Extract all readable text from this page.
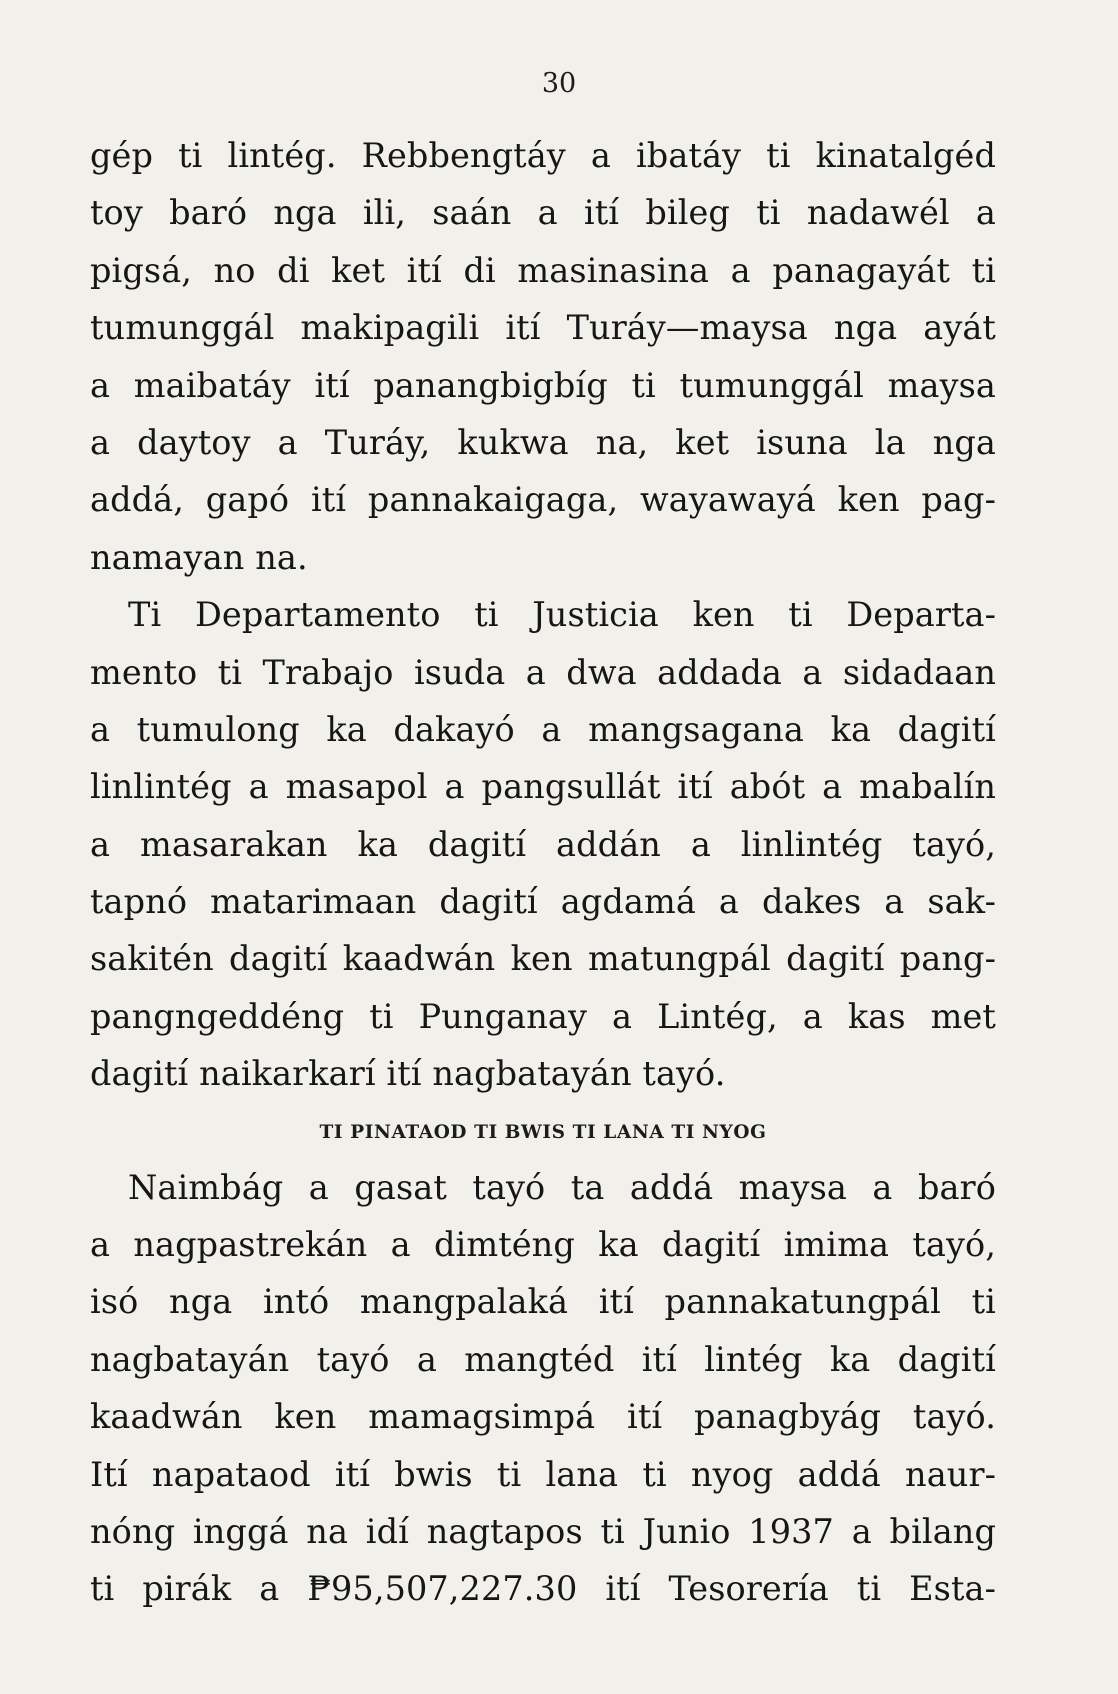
30
gép ti lintég. Rebbengtáy a ibatáy ti kinatalgéd
toy baró nga ili, saán a ití bileg ti nadawél a
pigsá, no di ket ití di masinasina a panagayát ti
tumunggál makipagili ití Turáy—maysa nga ayát
a maibatáy ití panangbigbíg ti tumunggál maysa
a daytoy a Turáy, kukwa na, ket isuna la nga
addá, gapó ití pannakaigaga, wayawayá ken pag-
namayan na.
Ti Departamento ti Justicia ken ti Departa-
mento ti Trabajo isuda a dwa addada a sidadaan
a tumulong ka dakayó a mangsagana ka dagití
linlintég a masapol a pangsullát ití abót a mabalín
a masarakan ka dagití addán a linlintég tayó,
tapnó matarimaan dagití agdamá a dakes a sak-
sakitén dagití kaadwán ken matungpál dagití pang-
pangngeddéng ti Punganay a Lintég, a kas met
dagití naikarkarí ití nagbatayán tayó.
TI PINATAOD TI BWIS TI LANA TI NYOG
Naimbág a gasat tayó ta addá maysa a baró
a nagpastrekán a dimténg ka dagití imima tayó,
isó nga intó mangpalaká ití pannakatungpál ti
nagbatayán tayó a mangtéd ití lintég ka dagití
kaadwán ken mamagsimpá ití panagbyág tayó.
Ití napataod ití bwis ti lana ti nyog addá naur-
nóng inggá na idí nagtapos ti Junio 1937 a bilang
ti pirák a ₱95,507,227.30 ití Tesorería ti Esta-
